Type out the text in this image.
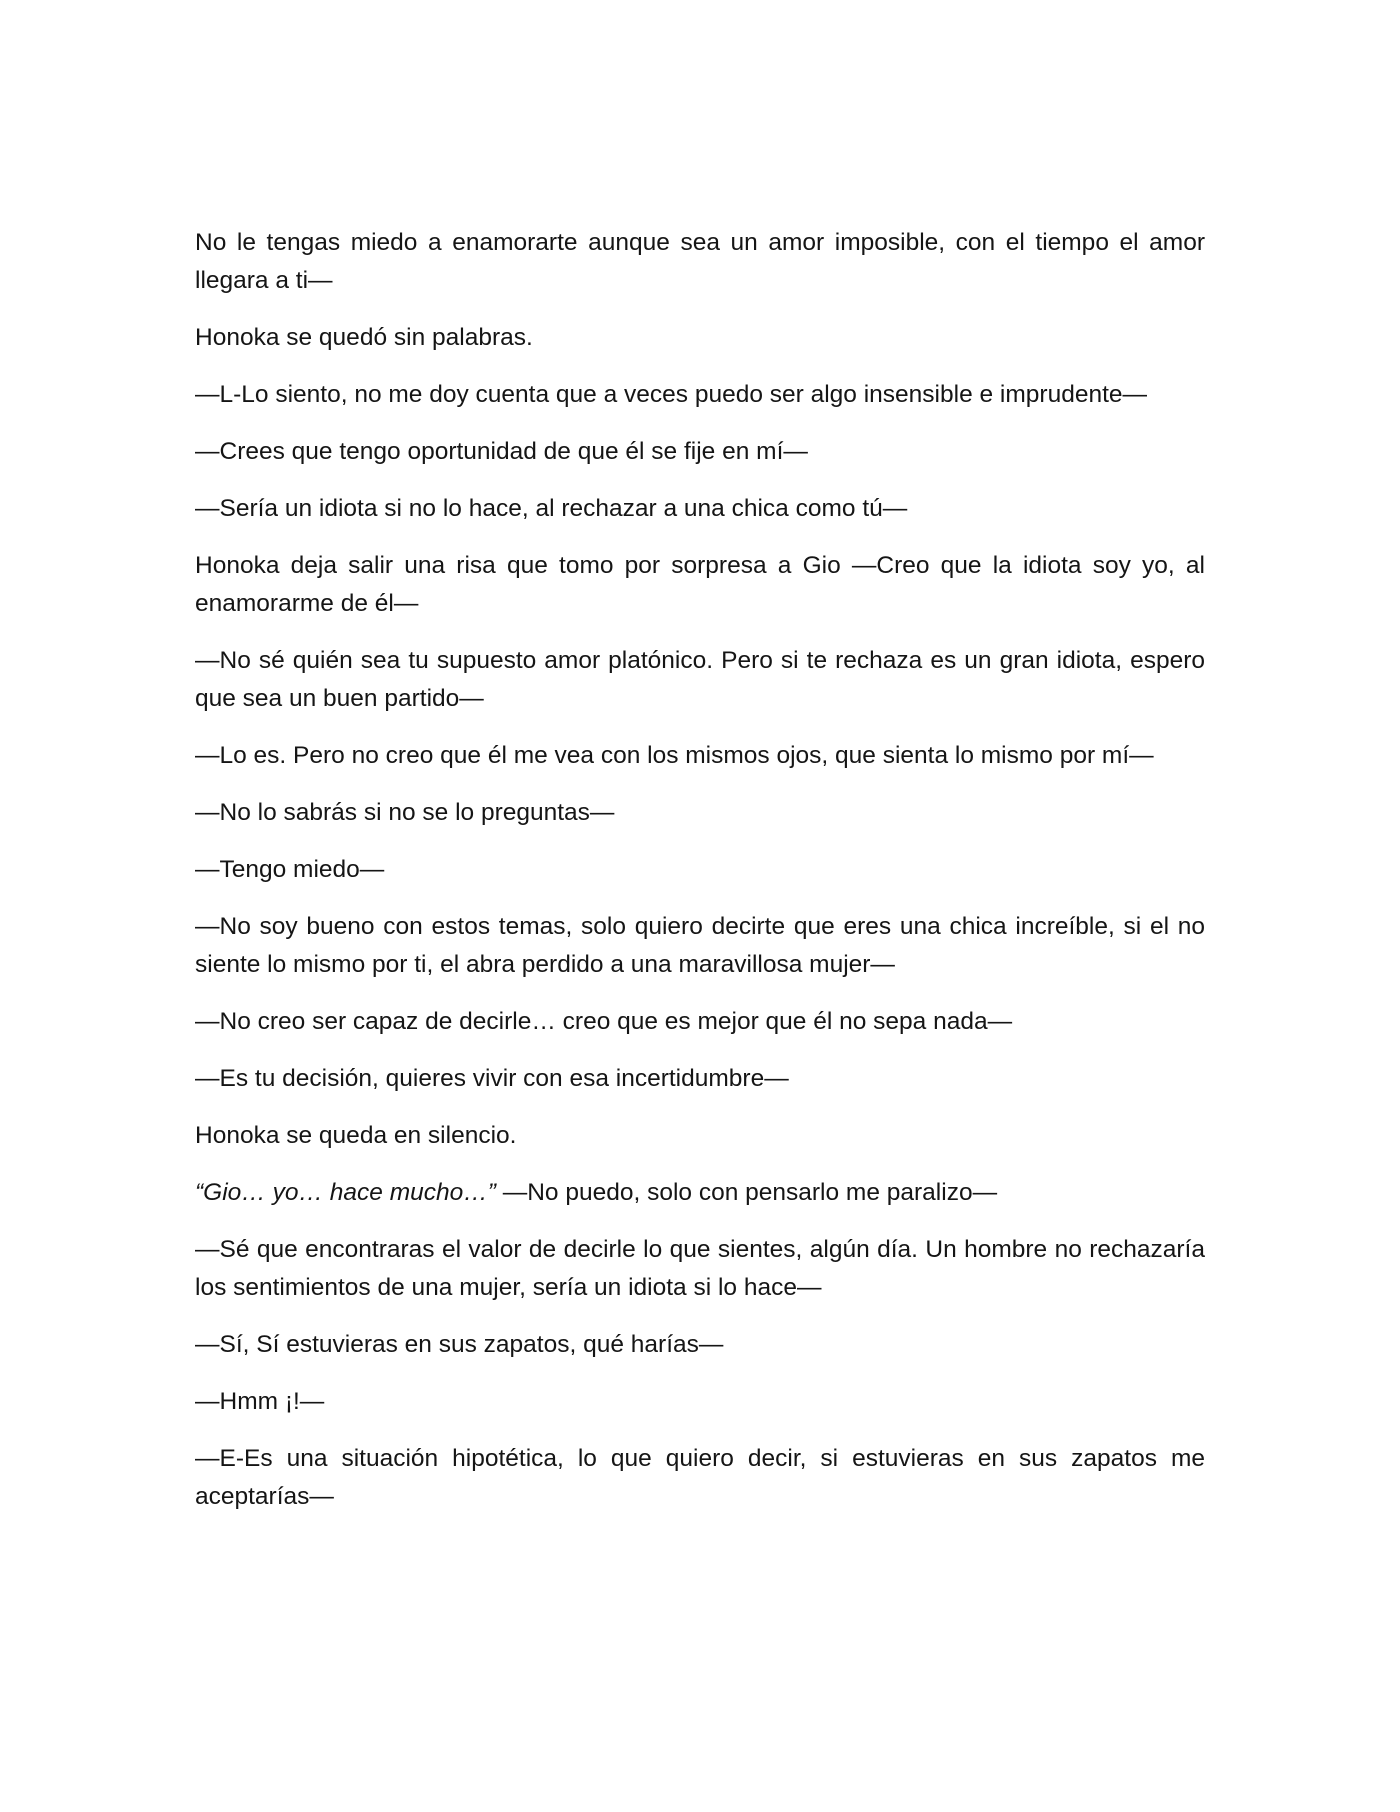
No le tengas miedo a enamorarte aunque sea un amor imposible, con el tiempo el amor llegara a ti—

Honoka se quedó sin palabras.

—L-Lo siento, no me doy cuenta que a veces puedo ser algo insensible e imprudente—

—Crees que tengo oportunidad de que él se fije en mí—

—Sería un idiota si no lo hace, al rechazar a una chica como tú—

Honoka deja salir una risa que tomo por sorpresa a Gio —Creo que la idiota soy yo, al enamorarme de él—

—No sé quién sea tu supuesto amor platónico. Pero si te rechaza es un gran idiota, espero que sea un buen partido—

—Lo es. Pero no creo que él me vea con los mismos ojos, que sienta lo mismo por mí—

—No lo sabrás si no se lo preguntas—

—Tengo miedo—

—No soy bueno con estos temas, solo quiero decirte que eres una chica increíble, si el no siente lo mismo por ti, el abra perdido a una maravillosa mujer—

—No creo ser capaz de decirle… creo que es mejor que él no sepa nada—

—Es tu decisión, quieres vivir con esa incertidumbre—

Honoka se queda en silencio.

“Gio… yo… hace mucho…” —No puedo, solo con pensarlo me paralizo—

—Sé que encontraras el valor de decirle lo que sientes, algún día. Un hombre no rechazaría los sentimientos de una mujer, sería un idiota si lo hace—

—Sí, Sí estuvieras en sus zapatos, qué harías—

—Hmm ¡!—

—E-Es una situación hipotética, lo que quiero decir, si estuvieras en sus zapatos me aceptarías—
